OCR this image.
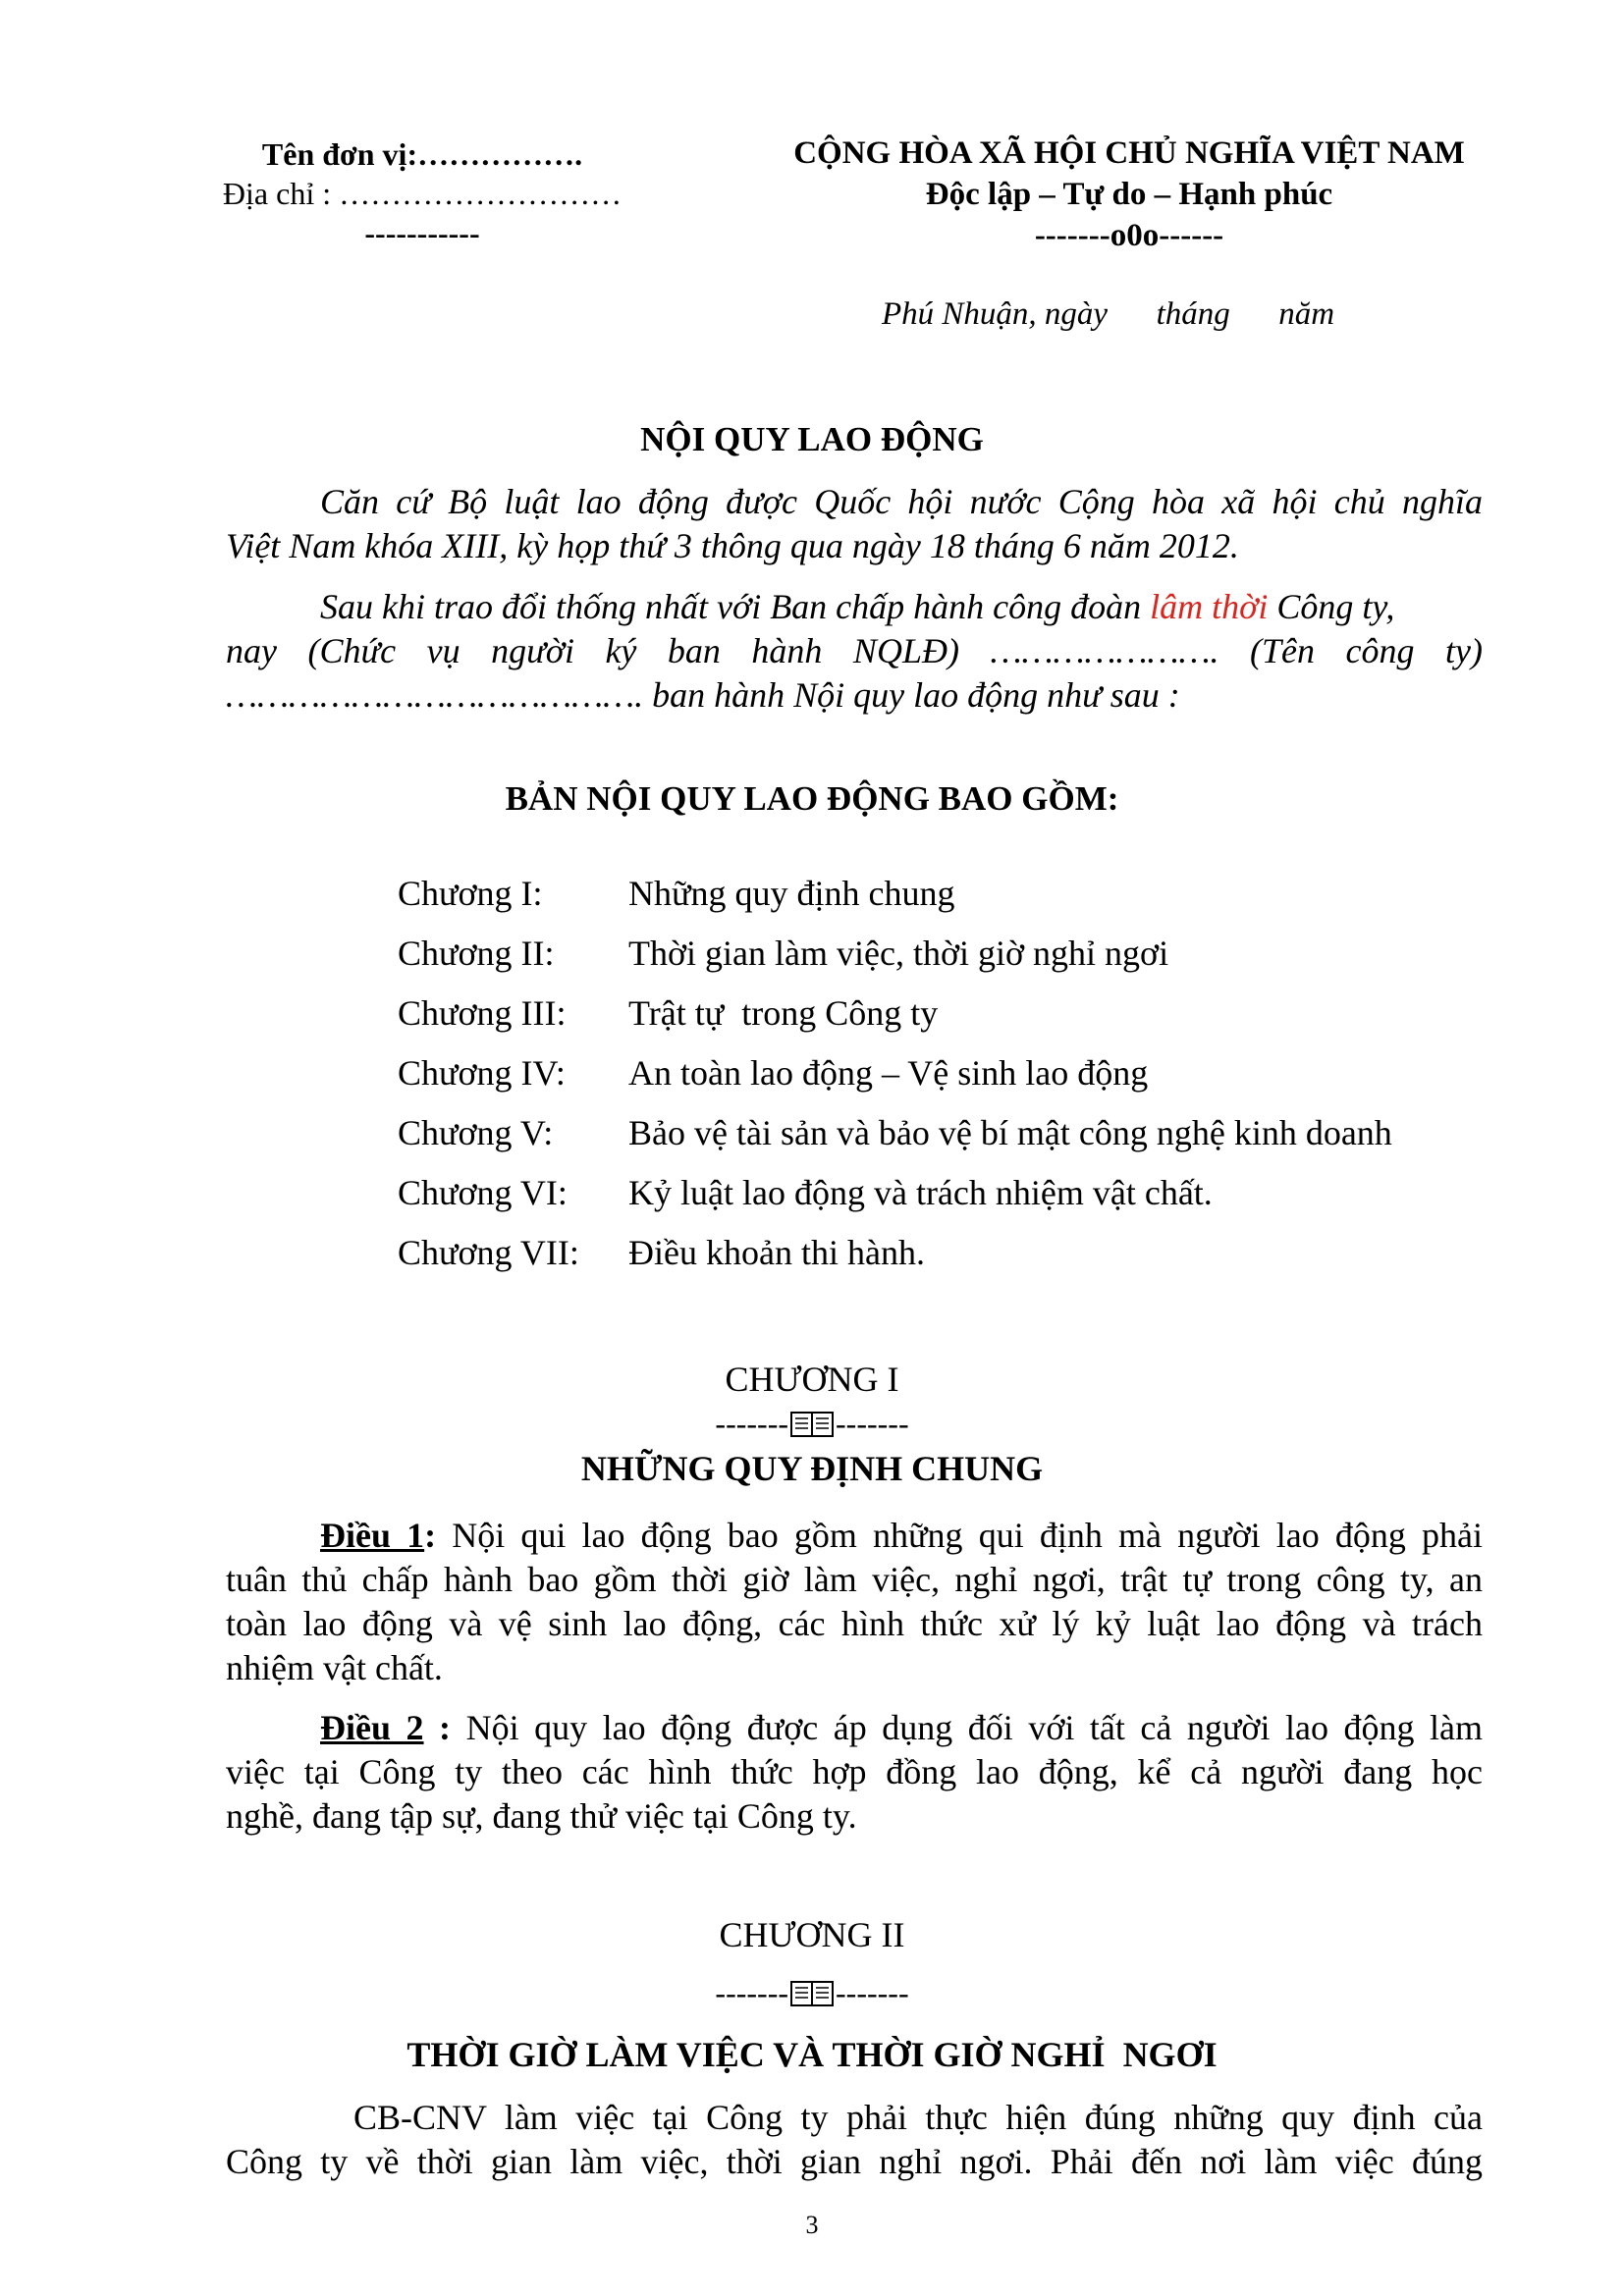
Tên đơn vị:…………….
Địa chỉ : ………………………
-----------
CỘNG HÒA XÃ HỘI CHỦ NGHĨA VIỆT NAM
Độc lập – Tự do – Hạnh phúc
-------o0o------
Phú Nhuận, ngày      tháng      năm
NỘI QUY LAO ĐỘNG
Căn cứ Bộ luật lao động được Quốc hội nước Cộng hòa xã hội chủ nghĩa
Việt Nam khóa XIII, kỳ họp thứ 3 thông qua ngày 18 tháng 6 năm 2012.
Sau khi trao đổi thống nhất với Ban chấp hành công đoàn lâm thời Công ty,
nay (Chức vụ người ký ban hành NQLĐ) …………………. (Tên công ty)
…………………………………. ban hành Nội quy lao động như sau :
BẢN NỘI QUY LAO ĐỘNG BAO GỒM:
Chương I: Những quy định chung
Chương II: Thời gian làm việc, thời giờ nghỉ ngơi
Chương III: Trật tự  trong Công ty
Chương IV: An toàn lao động – Vệ sinh lao động
Chương V: Bảo vệ tài sản và bảo vệ bí mật công nghệ kinh doanh
Chương VI: Kỷ luật lao động và trách nhiệm vật chất.
Chương VII: Điều khoản thi hành.
CHƯƠNG I
------- -------
NHỮNG QUY ĐỊNH CHUNG
Điều 1: Nội qui lao động bao gồm những qui định mà người lao động phải
tuân thủ chấp hành bao gồm thời giờ làm việc, nghỉ ngơi, trật tự trong công ty, an
toàn lao động và vệ sinh lao động, các hình thức xử lý kỷ luật lao động và trách
nhiệm vật chất.
Điều 2 : Nội quy lao động được áp dụng đối với tất cả người lao động làm
việc tại Công ty theo các hình thức hợp đồng lao động, kể cả người đang học
nghề, đang tập sự, đang thử việc tại Công ty.
CHƯƠNG II
------- -------
THỜI GIỜ LÀM VIỆC VÀ THỜI GIỜ NGHỈ  NGƠI
CB-CNV làm việc tại Công ty phải thực hiện đúng những quy định của
Công ty về thời gian làm việc, thời gian nghỉ ngơi. Phải đến nơi làm việc đúng
3
